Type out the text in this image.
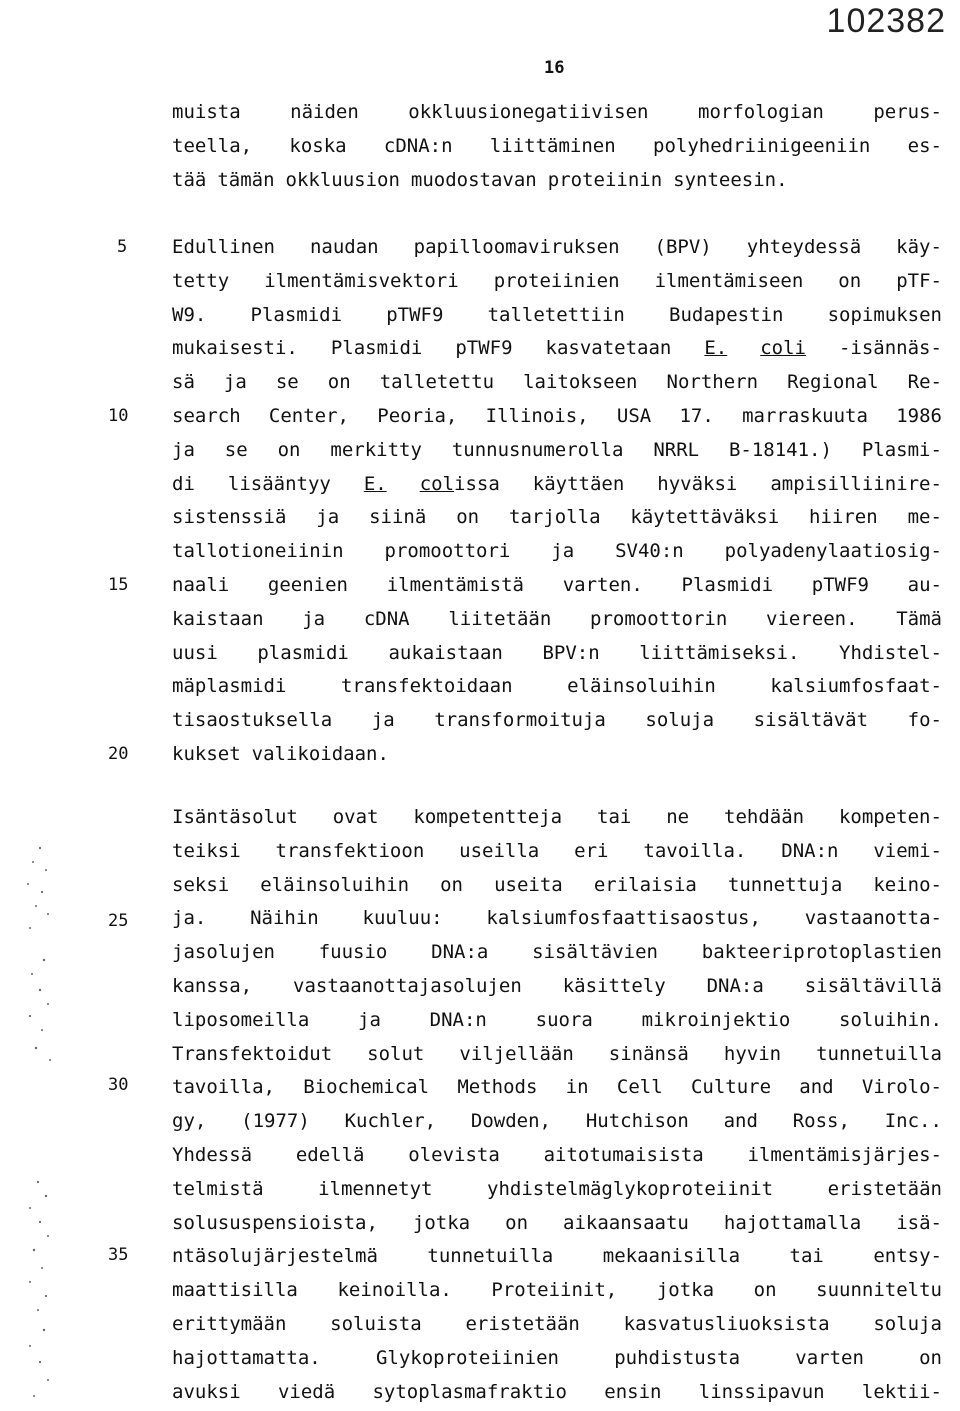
102382
16
5
10
15
20
25
30
35
muista	näiden	okkluusionegatiivisen	morfologian	perus-
teella, koska cDNA:n liittäminen polyhedriinigeeniin es-
tää tämän okkluusion muodostavan proteiinin synteesin.
Edullinen naudan papilloomaviruksen (BPV) yhteydessä käy-
tetty ilmentämisvektori proteiinien ilmentämiseen on pTF-
W9. Plasmidi pTWF9 talletettiin Budapestin sopimuksen
mukaisesti. Plasmidi pTWF9 kasvatetaan E. coli -isännäs-
sä ja se on talletettu laitokseen Northern Regional Re-
search Center, Peoria, Illinois, USA 17. marraskuuta 1986
ja se on merkitty tunnusnumerolla NRRL B-18141.) Plasmi-
di lisääntyy E. colissa käyttäen hyväksi ampisilliinire-
sistenssiä ja siinä on tarjolla käytettäväksi hiiren me-
tallotioneiinin promoottori ja SV40:n polyadenylaatiosig-
naali geenien ilmentämistä varten. Plasmidi pTWF9 au-
kaistaan ja cDNA liitetään promoottorin viereen. Tämä
uusi plasmidi aukaistaan BPV:n liittämiseksi. Yhdistel-
mäplasmidi	transfektoidaan	eläinsoluihin	kalsiumfosfaat-
tisaostuksella ja transformoituja soluja sisältävät fo-
kukset valikoidaan.
Isäntäsolut ovat kompetentteja tai ne tehdään kompeten-
teiksi transfektioon useilla eri tavoilla. DNA:n viemi-
seksi eläinsoluihin on useita erilaisia tunnettuja keino-
ja. Näihin kuuluu: kalsiumfosfaattisaostus, vastaanotta-
jasolujen fuusio DNA:a sisältävien bakteeriprotoplastien
kanssa, vastaanottajasolujen käsittely DNA:a sisältävillä
liposomeilla	ja	DNA:n	suora	mikroinjektio	soluihin.
Transfektoidut solut viljellään sinänsä hyvin tunnetuilla
tavoilla, Biochemical Methods in Cell Culture and Virolo-
gy, (1977) Kuchler, Dowden, Hutchison and Ross, Inc..
Yhdessä edellä olevista aitotumaisista ilmentämisjärjes-
telmistä	ilmennetyt	yhdistelmäglykoproteiinit	eristetään
solususpensioista, jotka on aikaansaatu hajottamalla isä-
ntäsolujärjestelmä	tunnetuilla	mekaanisilla	tai	entsy-
maattisilla keinoilla. Proteiinit, jotka on suunniteltu
erittymään soluista eristetään kasvatusliuoksista soluja
hajottamatta.	Glykoproteiinien	puhdistusta	varten	on
avuksi viedä sytoplasmafraktio ensin linssipavun lektii-
